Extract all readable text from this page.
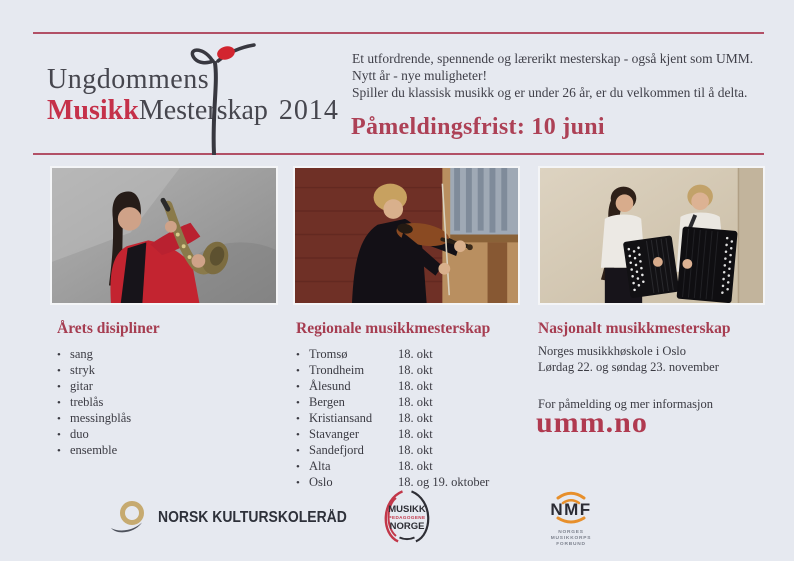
Ungdommens
MusikkMesterskap 2014
Et utfordrende, spennende og lærerikt mesterskap - også kjent som UMM.
Nytt år - nye muligheter!
Spiller du klassisk musikk og er under 26 år, er du velkommen til å delta.
Påmeldingsfrist: 10 juni
Årets disipliner
•
sang
•
stryk
•
gitar
•
treblås
•
messingblås
•
duo
•
ensemble
Regionale musikkmesterskap
•
Tromsø	18. okt
•
Trondheim	18. okt
•
Ålesund	18. okt
•
Bergen	18. okt
•
Kristiansand	18. okt
•
Stavanger	18. okt
•
Sandefjord	18. okt
•
Alta	18. okt
•
Oslo	18. og 19. oktober
Nasjonalt musikkmesterskap
Norges musikkhøskole i Oslo
Lørdag 22. og søndag 23. november
For påmelding og mer informasjon
umm.no
NORSK KULTURSKOLERÅD	MUSIKK
PEDAGOGENE
NORGE
NMF
NORGES
MUSIKKORPS
FORBUND
